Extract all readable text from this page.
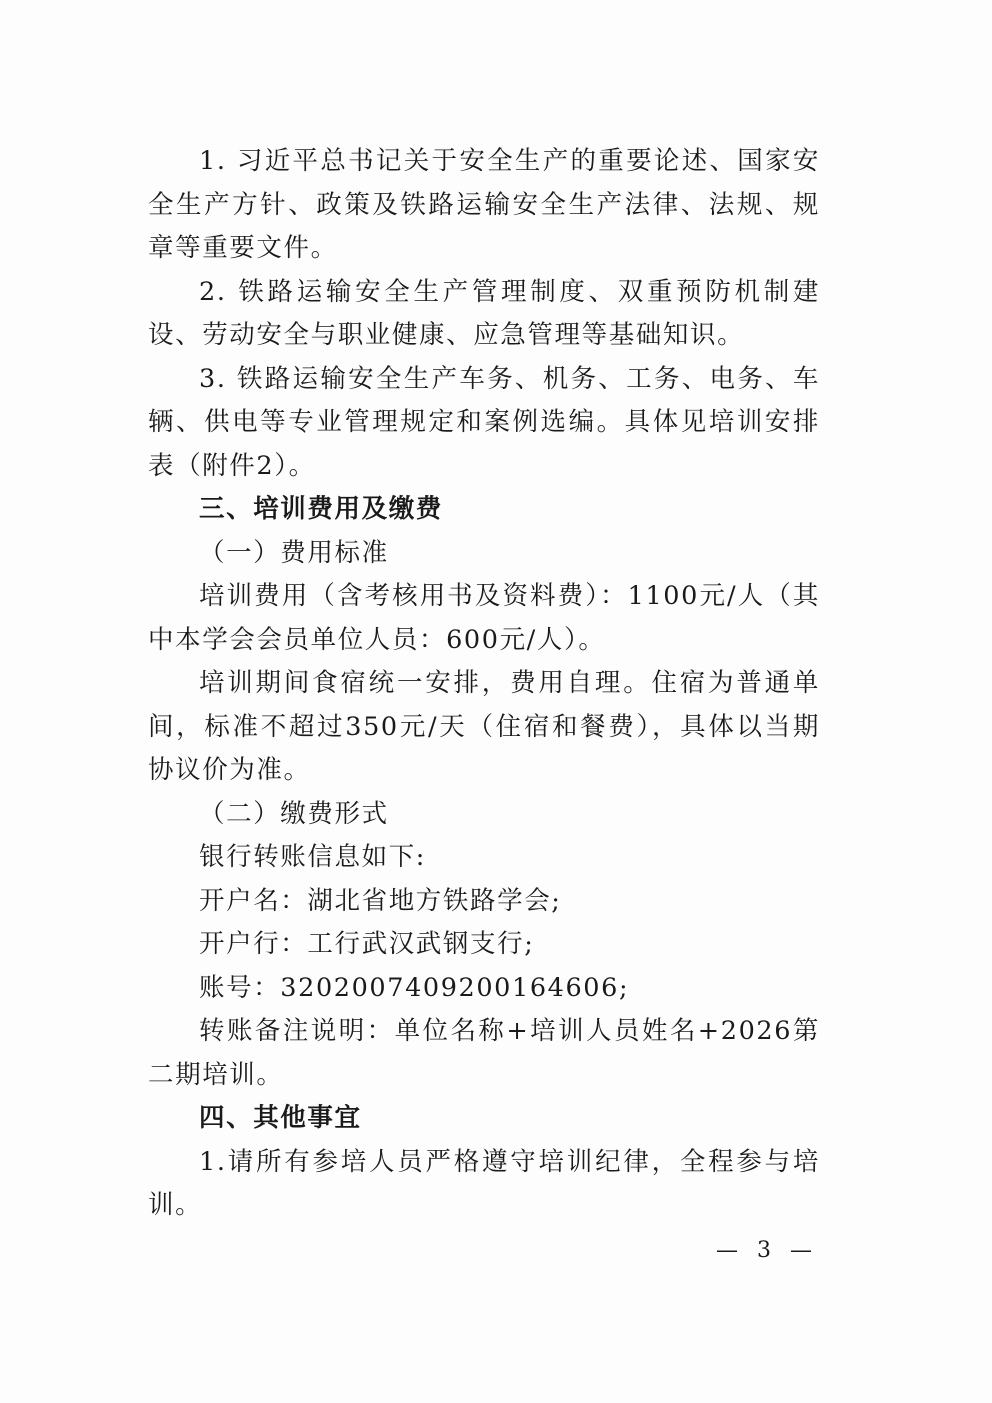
1. 习近平总书记关于安全生产的重要论述、国家安全生产方针、政策及铁路运输安全生产法律、法规、规章等重要文件。

2. 铁路运输安全生产管理制度、双重预防机制建设、劳动安全与职业健康、应急管理等基础知识。

3. 铁路运输安全生产车务、机务、工务、电务、车辆、供电等专业管理规定和案例选编。具体见培训安排表（附件2）。

三、培训费用及缴费

（一）费用标准

培训费用（含考核用书及资料费）：1100元/人（其中本学会会员单位人员：600元/人）。

培训期间食宿统一安排，费用自理。住宿为普通单间，标准不超过350元/天（住宿和餐费），具体以当期协议价为准。

（二）缴费形式

银行转账信息如下:

开户名：湖北省地方铁路学会;

开户行：工行武汉武钢支行;

账号：3202007409200164606;

转账备注说明：单位名称+培训人员姓名+2026第二期培训。

四、其他事宜

1.请所有参培人员严格遵守培训纪律，全程参与培训。

— 3 —
